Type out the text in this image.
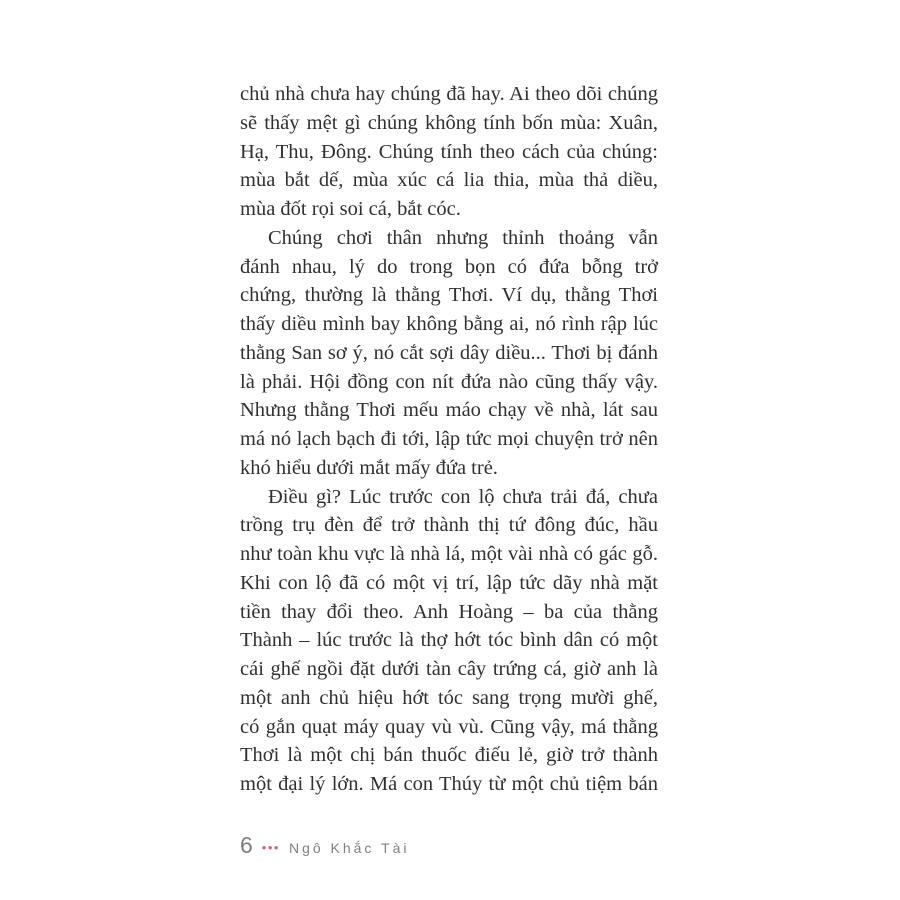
chủ nhà chưa hay chúng đã hay. Ai theo dõi chúng
sẽ thấy mệt gì chúng không tính bốn mùa: Xuân,
Hạ, Thu, Đông. Chúng tính theo cách của chúng:
mùa bắt dế, mùa xúc cá lia thia, mùa thả diều,
mùa đốt rọi soi cá, bắt cóc.
Chúng chơi thân nhưng thỉnh thoảng vẫn
đánh nhau, lý do trong bọn có đứa bỗng trở
chứng, thường là thằng Thơi. Ví dụ, thằng Thơi
thấy diều mình bay không bằng ai, nó rình rập lúc
thằng San sơ ý, nó cắt sợi dây diều... Thơi bị đánh
là phải. Hội đồng con nít đứa nào cũng thấy vậy.
Nhưng thằng Thơi mếu máo chạy về nhà, lát sau
má nó lạch bạch đi tới, lập tức mọi chuyện trở nên
khó hiểu dưới mắt mấy đứa trẻ.
Điều gì? Lúc trước con lộ chưa trải đá, chưa
trồng trụ đèn để trở thành thị tứ đông đúc, hầu
như toàn khu vực là nhà lá, một vài nhà có gác gỗ.
Khi con lộ đã có một vị trí, lập tức dãy nhà mặt
tiền thay đổi theo. Anh Hoàng – ba của thằng
Thành – lúc trước là thợ hớt tóc bình dân có một
cái ghế ngồi đặt dưới tàn cây trứng cá, giờ anh là
một anh chủ hiệu hớt tóc sang trọng mười ghế,
có gắn quạt máy quay vù vù. Cũng vậy, má thằng
Thơi là một chị bán thuốc điếu lẻ, giờ trở thành
một đại lý lớn. Má con Thúy từ một chủ tiệm bán
6 ••• Ngô Khắc Tài
